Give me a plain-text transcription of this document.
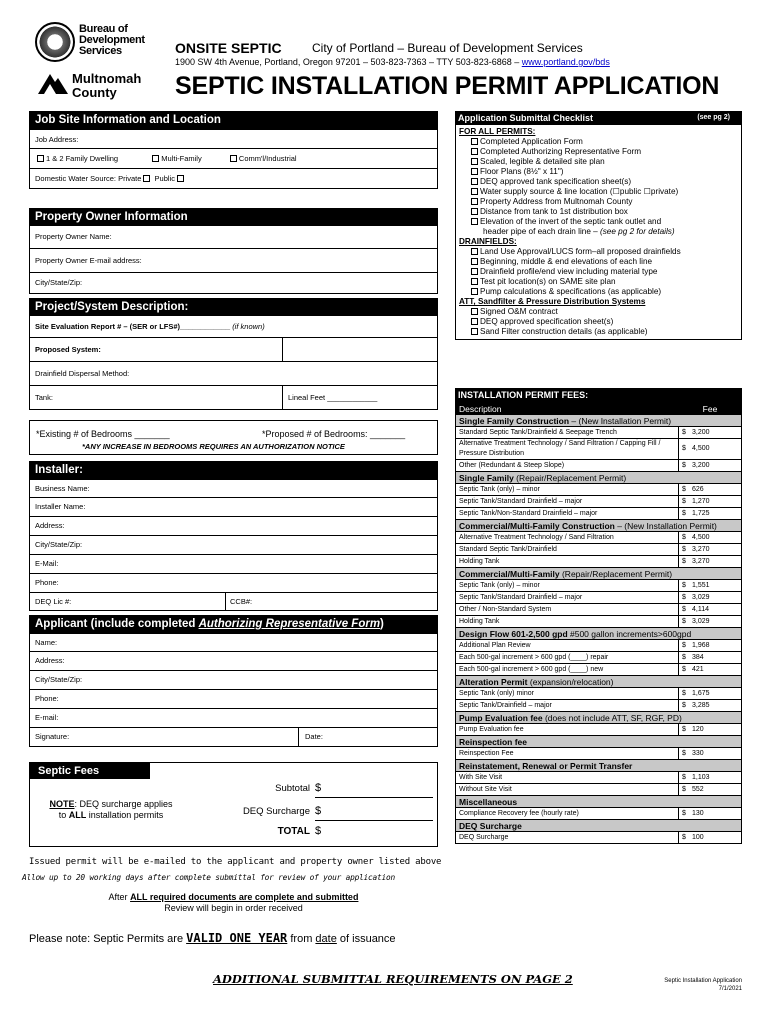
Bureau of
Development
Services
Multnomah
County
ONSITE SEPTIC	City of Portland – Bureau of Development Services
1900 SW 4th Avenue, Portland, Oregon 97201 – 503-823-7363 – TTY 503-823-6868 – www.portland.gov/bds
SEPTIC INSTALLATION PERMIT APPLICATION
Job Site Information and Location
Job Address:
1 & 2 Family Dwelling	Multi-Family	Comm'l/Industrial
Domestic Water Source: Private Public
Property Owner Information
Property Owner Name:
Property Owner E-mail address:
City/State/Zip:
Project/System Description:
Site Evaluation Report # – (SER or LFS#)____________ (if known)
Proposed System:
Drainfield Dispersal Method:
Tank:	Lineal Feet ____________
*Existing # of Bedrooms _______	*Proposed # of Bedrooms: _______
*ANY INCREASE IN BEDROOMS REQUIRES AN AUTHORIZATION NOTICE
Installer:
Business Name:
Installer Name:
Address:
City/State/Zip:
E-Mail:
Phone:
DEQ Lic #:	CCB#:
Applicant (include completed Authorizing Representative Form)
Name:
Address:
City/State/Zip:
Phone:
E-mail:
Signature:	Date:
Septic Fees
NOTE: DEQ surcharge applies
to ALL installation permits
Subtotal $
DEQ Surcharge $
TOTAL $
Issued permit will be e-mailed to the applicant and property owner listed above
Allow up to 20 working days after complete submittal for review of your application
After ALL required documents are complete and submitted
Review will begin in order received
Please note: Septic Permits are VALID ONE YEAR from date of issuance
Application Submittal Checklist	(see pg 2)
FOR ALL PERMITS:
Completed Application Form
Completed Authorizing Representative Form
Scaled, legible & detailed site plan
Floor Plans (8½" x 11")
DEQ approved tank specification sheet(s)
Water supply source & line location (☐public ☐private)
Property Address from Multnomah County
Distance from tank to 1st distribution box
Elevation of the invert of the septic tank outlet and
header pipe of each drain line – (see pg 2 for details)
DRAINFIELDS:
Land Use Approval/LUCS form–all proposed drainfields
Beginning, middle & end elevations of each line
Drainfield profile/end view including material type
Test pit location(s) on SAME site plan
Pump calculations & specifications (as applicable)
ATT, Sandfilter & Pressure Distribution Systems
Signed O&M contract
DEQ approved specification sheet(s)
Sand Filter construction details (as applicable)
INSTALLATION PERMIT FEES:
Description	Fee
Single Family Construction – (New Installation Permit)	
Standard Septic Tank/Drainfield & Seepage Trench	$ 3,200
Alternative Treatment Technology / Sand Filtration / Capping Fill / Pressure Distribution	$ 4,500
Other (Redundant & Steep Slope)	$ 3,200
Single Family (Repair/Replacement Permit)	
Septic Tank (only) – minor	$ 626
Septic Tank/Standard Drainfield – major	$ 1,270
Septic Tank/Non-Standard Drainfield – major	$ 1,725
Commercial/Multi-Family Construction – (New Installation Permit)	
Alternative Treatment Technology / Sand Filtration	$ 4,500
Standard Septic Tank/Drainfield	$ 3,270
Holding Tank	$ 3,270
Commercial/Multi-Family (Repair/Replacement Permit)	
Septic Tank (only) – minor	$ 1,551
Septic Tank/Standard Drainfield – major	$ 3,029
Other / Non-Standard System	$ 4,114
Holding Tank	$ 3,029
Design Flow 601-2,500 gpd #500 gallon increments>600gpd	
Additional Plan Review	$ 1,968
Each 500-gal increment > 600 gpd (____) repair	$ 384
Each 500-gal increment > 600 gpd (____) new	$ 421
Alteration Permit (expansion/relocation)	
Septic Tank (only) minor	$ 1,675
Septic Tank/Drainfield – major	$ 3,285
Pump Evaluation fee (does not include ATT, SF, RGF, PD)	
Pump Evaluation fee	$ 120
Reinspection fee	
Reinspection Fee	$ 330
Reinstatement, Renewal or Permit Transfer	
With Site Visit	$ 1,103
Without Site Visit	$ 552
Miscellaneous	
Compliance Recovery fee (hourly rate)	$ 130
DEQ Surcharge	
DEQ Surcharge	$ 100
ADDITIONAL SUBMITTAL REQUIREMENTS ON PAGE 2	Septic Installation Application
7/1/2021
